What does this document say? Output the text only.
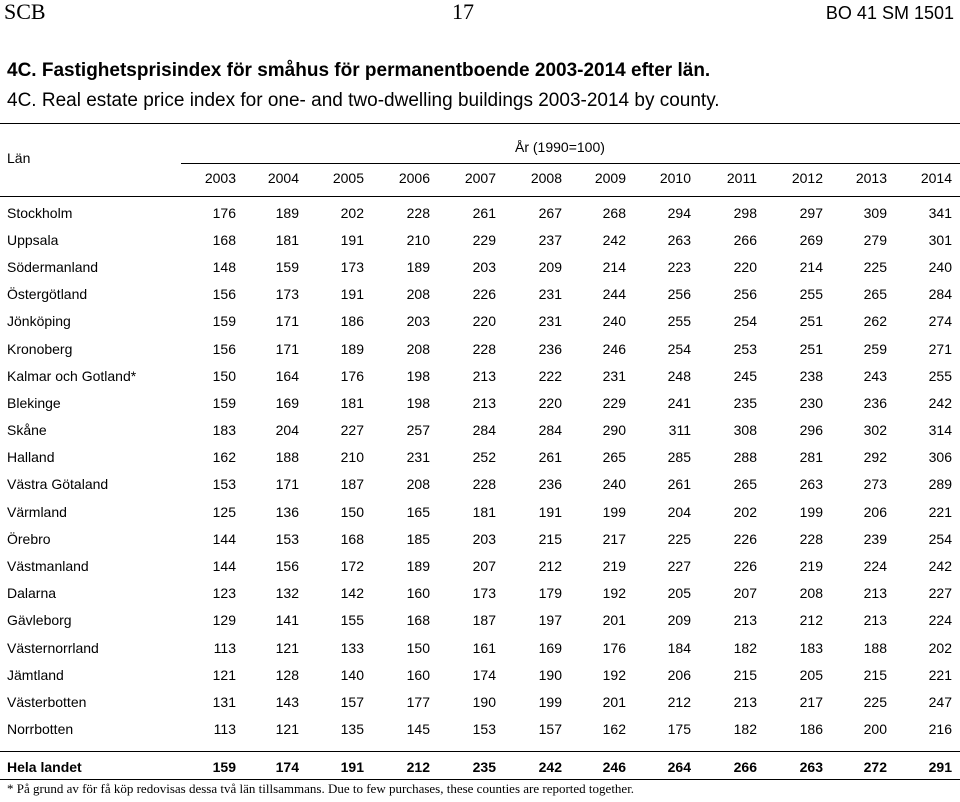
SCB	17	BO 41 SM 1501
4C. Fastighetsprisindex för småhus för permanentboende 2003-2014 efter län.
4C. Real estate price index for one- and two-dwelling buildings 2003-2014 by county.
Län
År (1990=100)
2003	2004	2005	2006	2007	2008	2009	2010	2011	2012	2013	2014
Stockholm	176	189	202	228	261	267	268	294	298	297	309	341	
Uppsala	168	181	191	210	229	237	242	263	266	269	279	301	
Södermanland	148	159	173	189	203	209	214	223	220	214	225	240	
Östergötland	156	173	191	208	226	231	244	256	256	255	265	284	
Jönköping	159	171	186	203	220	231	240	255	254	251	262	274	
Kronoberg	156	171	189	208	228	236	246	254	253	251	259	271	
Kalmar och Gotland*	150	164	176	198	213	222	231	248	245	238	243	255	
Blekinge	159	169	181	198	213	220	229	241	235	230	236	242	
Skåne	183	204	227	257	284	284	290	311	308	296	302	314	
Halland	162	188	210	231	252	261	265	285	288	281	292	306	
Västra Götaland	153	171	187	208	228	236	240	261	265	263	273	289	
Värmland	125	136	150	165	181	191	199	204	202	199	206	221	
Örebro	144	153	168	185	203	215	217	225	226	228	239	254	
Västmanland	144	156	172	189	207	212	219	227	226	219	224	242	
Dalarna	123	132	142	160	173	179	192	205	207	208	213	227	
Gävleborg	129	141	155	168	187	197	201	209	213	212	213	224	
Västernorrland	113	121	133	150	161	169	176	184	182	183	188	202	
Jämtland	121	128	140	160	174	190	192	206	215	205	215	221	
Västerbotten	131	143	157	177	190	199	201	212	213	217	225	247	
Norrbotten	113	121	135	145	153	157	162	175	182	186	200	216	
Hela landet	159	174	191	212	235	242	246	264	266	263	272	291	
* På grund av för få köp redovisas dessa två län tillsammans. Due to few purchases, these counties are reported together.
